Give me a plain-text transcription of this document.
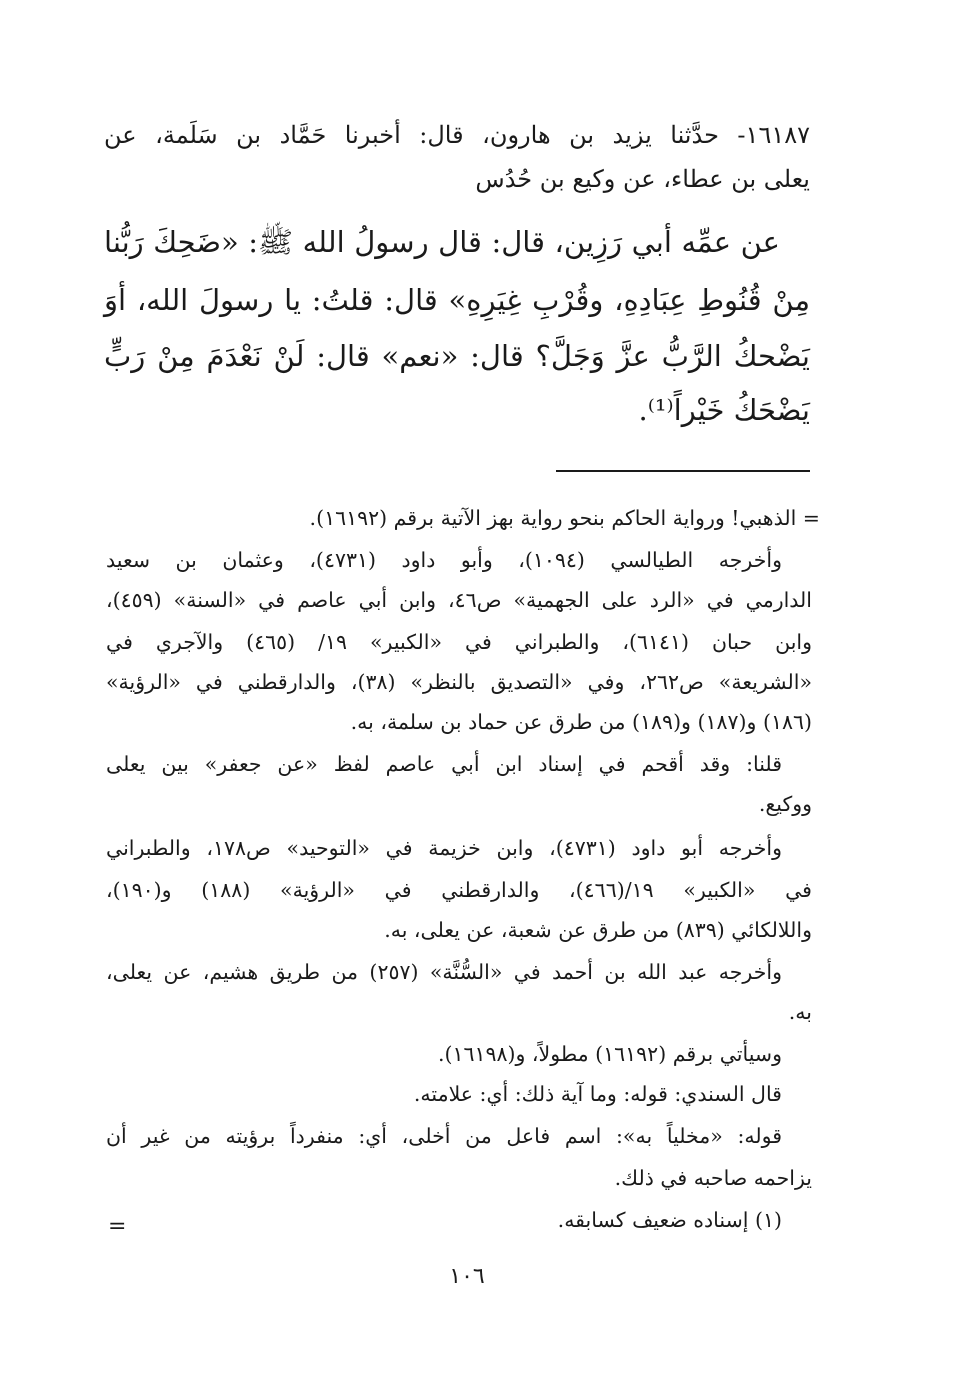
١٦١٨٧- حدَّثنا يزيد بن هارون، قال: أخبرنا حَمَّاد بن سَلَمة، عن
يعلى بن عطاء، عن وكيع بن حُدُس
عن عمِّه أبي رَزِين، قال: قال رسولُ الله ﷺ: «ضَحِكَ رَبُّنا
مِنْ قُنُوطِ عِبَادِهِ، وقُرْبِ غِيَرِهِ» قال: قلتُ: يا رسولَ الله، أوَ
يَضْحكُ الرَّبُّ عزَّ وَجَلَّ؟ قال: «نعم» قال: لَنْ نَعْدَمَ مِنْ رَبٍّ
يَضْحَكُ خَيْراً⁽¹⁾.
= الذهبي! ورواية الحاكم بنحو رواية بهز الآتية برقم (١٦١٩٢).
وأخرجه الطيالسي (١٠٩٤)، وأبو داود (٤٧٣١)، وعثمان بن سعيد
الدارمي في «الرد على الجهمية» ص٤٦، وابن أبي عاصم في «السنة» (٤٥٩)،
وابن حبان (٦١٤١)، والطبراني في «الكبير» ١٩/ (٤٦٥) والآجري في
«الشريعة» ص٢٦٢، وفي «التصديق بالنظر» (٣٨)، والدارقطني في «الرؤية»
(١٨٦) و(١٨٧) و(١٨٩) من طرق عن حماد بن سلمة، به.
قلنا: وقد أقحم في إسناد ابن أبي عاصم لفظ «عن جعفر» بين يعلى
ووكيع.
وأخرجه أبو داود (٤٧٣١)، وابن خزيمة في «التوحيد» ص١٧٨، والطبراني
في «الكبير» ١٩/(٤٦٦)، والدارقطني في «الرؤية» (١٨٨) و(١٩٠)،
واللالكائي (٨٣٩) من طرق عن شعبة، عن يعلى، به.
وأخرجه عبد الله بن أحمد في «السُّنَّة» (٢٥٧) من طريق هشيم، عن يعلى،
به.
وسيأتي برقم (١٦١٩٢) مطولاً، و(١٦١٩٨).
قال السندي: قوله: وما آية ذلك: أي: علامته.
قوله: «مخلياً به»: اسم فاعل من أخلى، أي: منفرداً برؤيته من غير أن
يزاحمه صاحبه في ذلك.
(١) إسناده ضعيف كسابقه.
=
١٠٦
